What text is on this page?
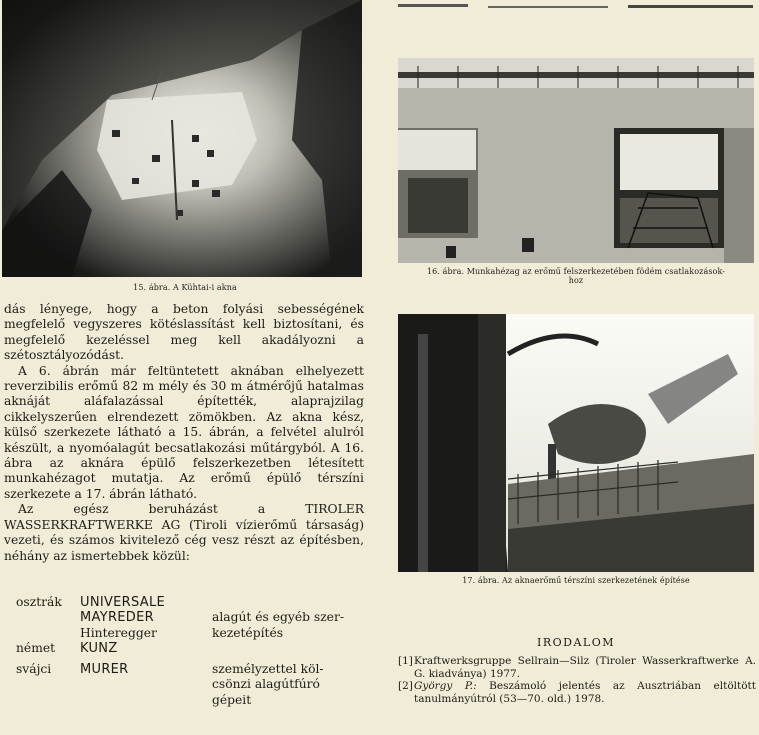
15. ábra. A Kühtai-i akna
16. ábra. Munkahézag az erőmű felszerkezetében födém csatlakozások-
hoz
17. ábra. Az aknaerőmű térszíni szerkezetének építése

dás lényege, hogy a beton folyási sebességének megfelelő vegyszeres kötéslassítást kell biztosítani, és megfelelő kezeléssel meg kell akadályozni a szétosztályozódást.

A 6. ábrán már feltüntetett aknában elhelyezett reverzibilis erőmű 82 m mély és 30 m átmérőjű hatalmas aknáját aláfalazással építették, alaprajzilag cikkelyszerűen elrendezett zömökben. Az akna kész, külső szerkezete látható a 15. ábrán, a felvétel alulról készült, a nyomóalagút becsatlakozási műtárgyból. A 16. ábra az aknára épülő felszerkezetben létesített munkahézagot mutatja. Az erőmű épülő térszíni szerkezete a 17. ábrán látható.

Az egész beruházást a TIROLER WASSERKRAFTWERKE AG (Tiroli vízierőmű társaság) vezeti, és számos kivitelező cég vesz részt az építésben, néhány az ismertebbek közül:

osztrák UNIVERSALE
MAYREDER	alagút és egyéb szer-
Hinteregger	kezetépítés
német KUNZ
svájci MURER	személyzettel köl-
csönzi alagútfúró
gépeit
IRODALOM
[1] Kraftwerksgruppe Sellrain—Silz (Tiroler Wasserkraftwerke A. G. kiadványa) 1977.
[2] György P.: Beszámoló jelentés az Ausztriában eltöltött tanulmányútról (53—70. old.) 1978.
